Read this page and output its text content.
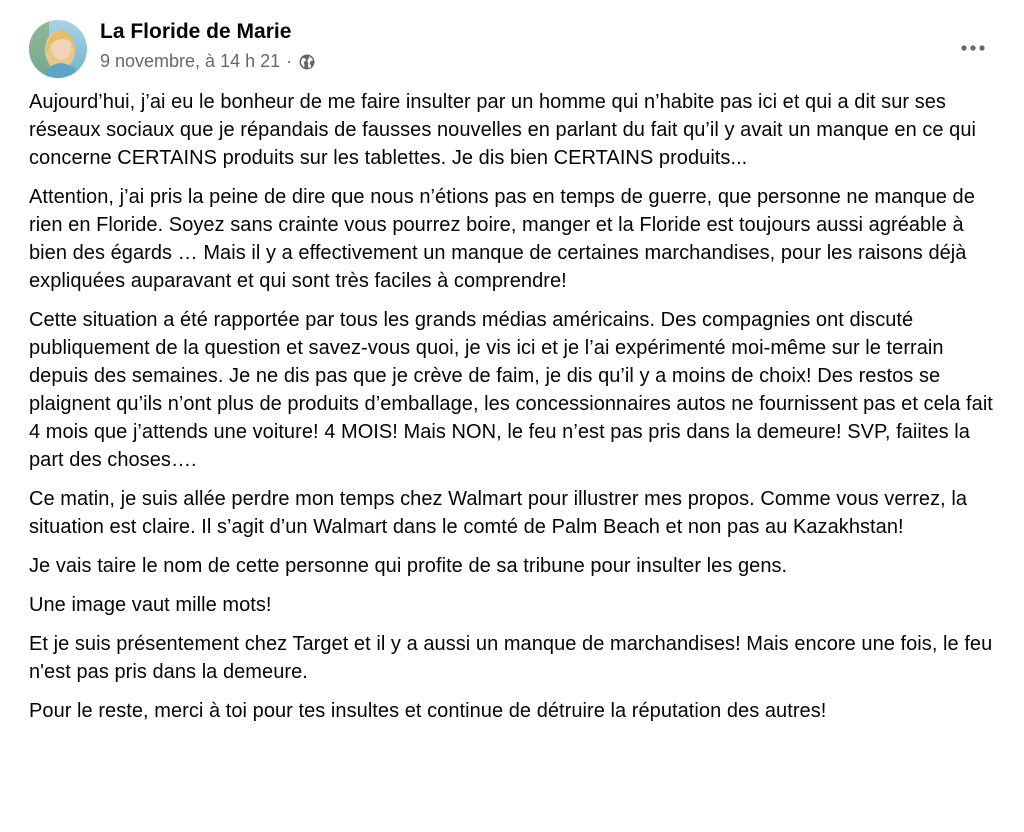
La Floride de Marie
9 novembre, à 14 h 21 ·

Aujourd’hui, j’ai eu le bonheur de me faire insulter par un homme qui n’habite pas ici et qui a dit sur ses réseaux sociaux que je répandais de fausses nouvelles en parlant du fait qu’il y avait un manque en ce qui concerne CERTAINS produits sur les tablettes. Je dis bien CERTAINS produits...

Attention, j’ai pris la peine de dire que nous n’étions pas en temps de guerre, que personne ne manque de rien en Floride. Soyez sans crainte vous pourrez boire, manger et la Floride est toujours aussi agréable à bien des égards … Mais il y a effectivement un manque de certaines marchandises, pour les raisons déjà expliquées auparavant et qui sont très faciles à comprendre!

Cette situation a été rapportée par tous les grands médias américains. Des compagnies ont discuté publiquement de la question et savez-vous quoi, je vis ici et je l’ai expérimenté moi-même sur le terrain depuis des semaines. Je ne dis pas que je crève de faim, je dis qu’il y a moins de choix! Des restos se plaignent qu’ils n’ont plus de produits d’emballage, les concessionnaires autos ne fournissent pas et cela fait 4 mois que j’attends une voiture! 4 MOIS! Mais NON, le feu n’est pas pris dans la demeure! SVP, faiites la part des choses….

Ce matin, je suis allée perdre mon temps chez Walmart pour illustrer mes propos. Comme vous verrez, la situation est claire. Il s’agit d’un Walmart dans le comté de Palm Beach et non pas au Kazakhstan!

Je vais taire le nom de cette personne qui profite de sa tribune pour insulter les gens.

Une image vaut mille mots!

Et je suis présentement chez Target et il y a aussi un manque de marchandises! Mais encore une fois, le feu n'est pas pris dans la demeure.

Pour le reste, merci à toi pour tes insultes et continue de détruire la réputation des autres!
